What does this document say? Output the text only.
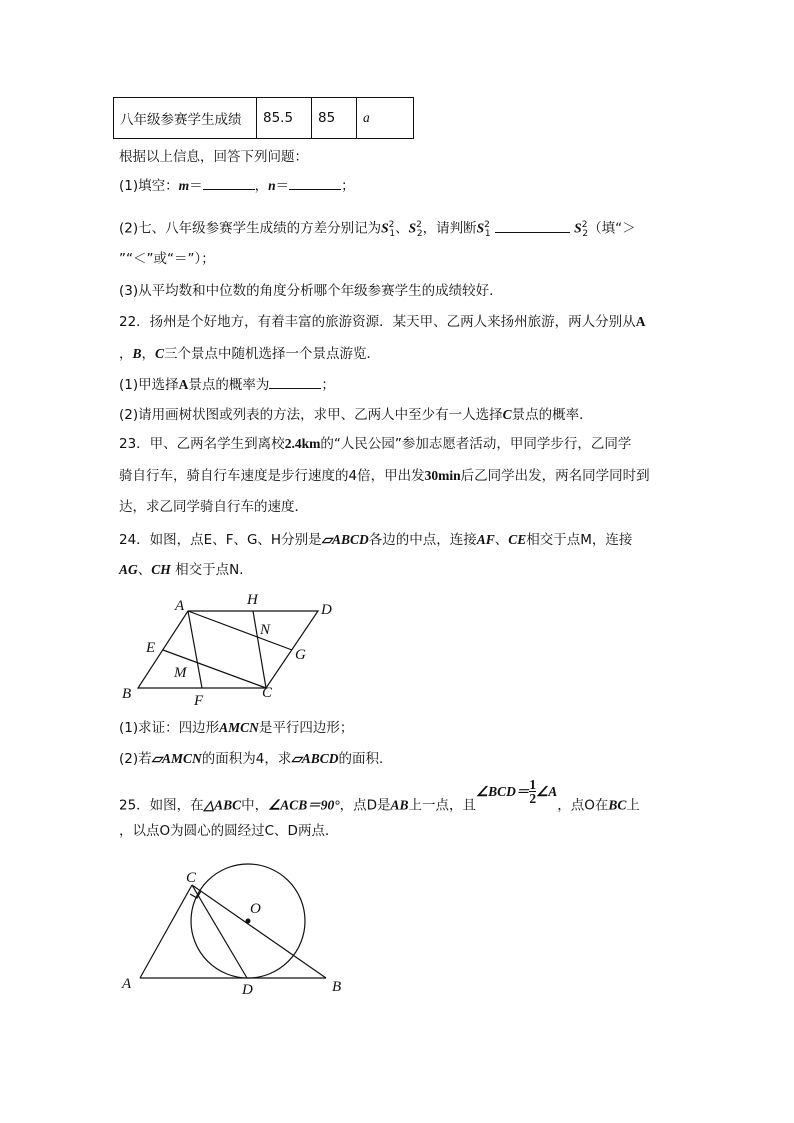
八年级参赛学生成绩	85.5	85	a
根据以上信息，回答下列问题：
(1)填空：m＝	，n＝	；
(2)七、八年级参赛学生成绩的方差分别记为$S^2_1$、$S^2_2$，请判断$S^2_1$	$S^2_2$（填“＞
”“＜”或“＝”）；
(3)从平均数和中位数的角度分析哪个年级参赛学生的成绩较好．
22．扬州是个好地方，有着丰富的旅游资源．某天甲、乙两人来扬州旅游，两人分别从A
，B，C三个景点中随机选择一个景点游览．
(1)甲选择A景点的概率为	；
(2)请用画树状图或列表的方法，求甲、乙两人中至少有一人选择C景点的概率．
23．甲、乙两名学生到离校2.4km的“人民公园”参加志愿者活动，甲同学步行，乙同学
骑自行车，骑自行车速度是步行速度的4倍，甲出发30min后乙同学出发，两名同学同时到
达，求乙同学骑自行车的速度．
24．如图，点E、F、G、H分别是▱ABCD各边的中点，连接AF、CE相交于点M，连接
AG、CH 相交于点N.
A	H
D
N
E	G
M
B	F	C
(1)求证：四边形AMCN是平行四边形；
(2)若▱AMCN的面积为4，求▱ABCD的面积．
25．如图，在△ABC中，∠ACB＝90°，点D是AB上一点，且$\angle BCD=\frac{1}{2}$ ∠A，点O在BC上
，以点O为圆心的圆经过C、D两点．
C
O
A	D	B
